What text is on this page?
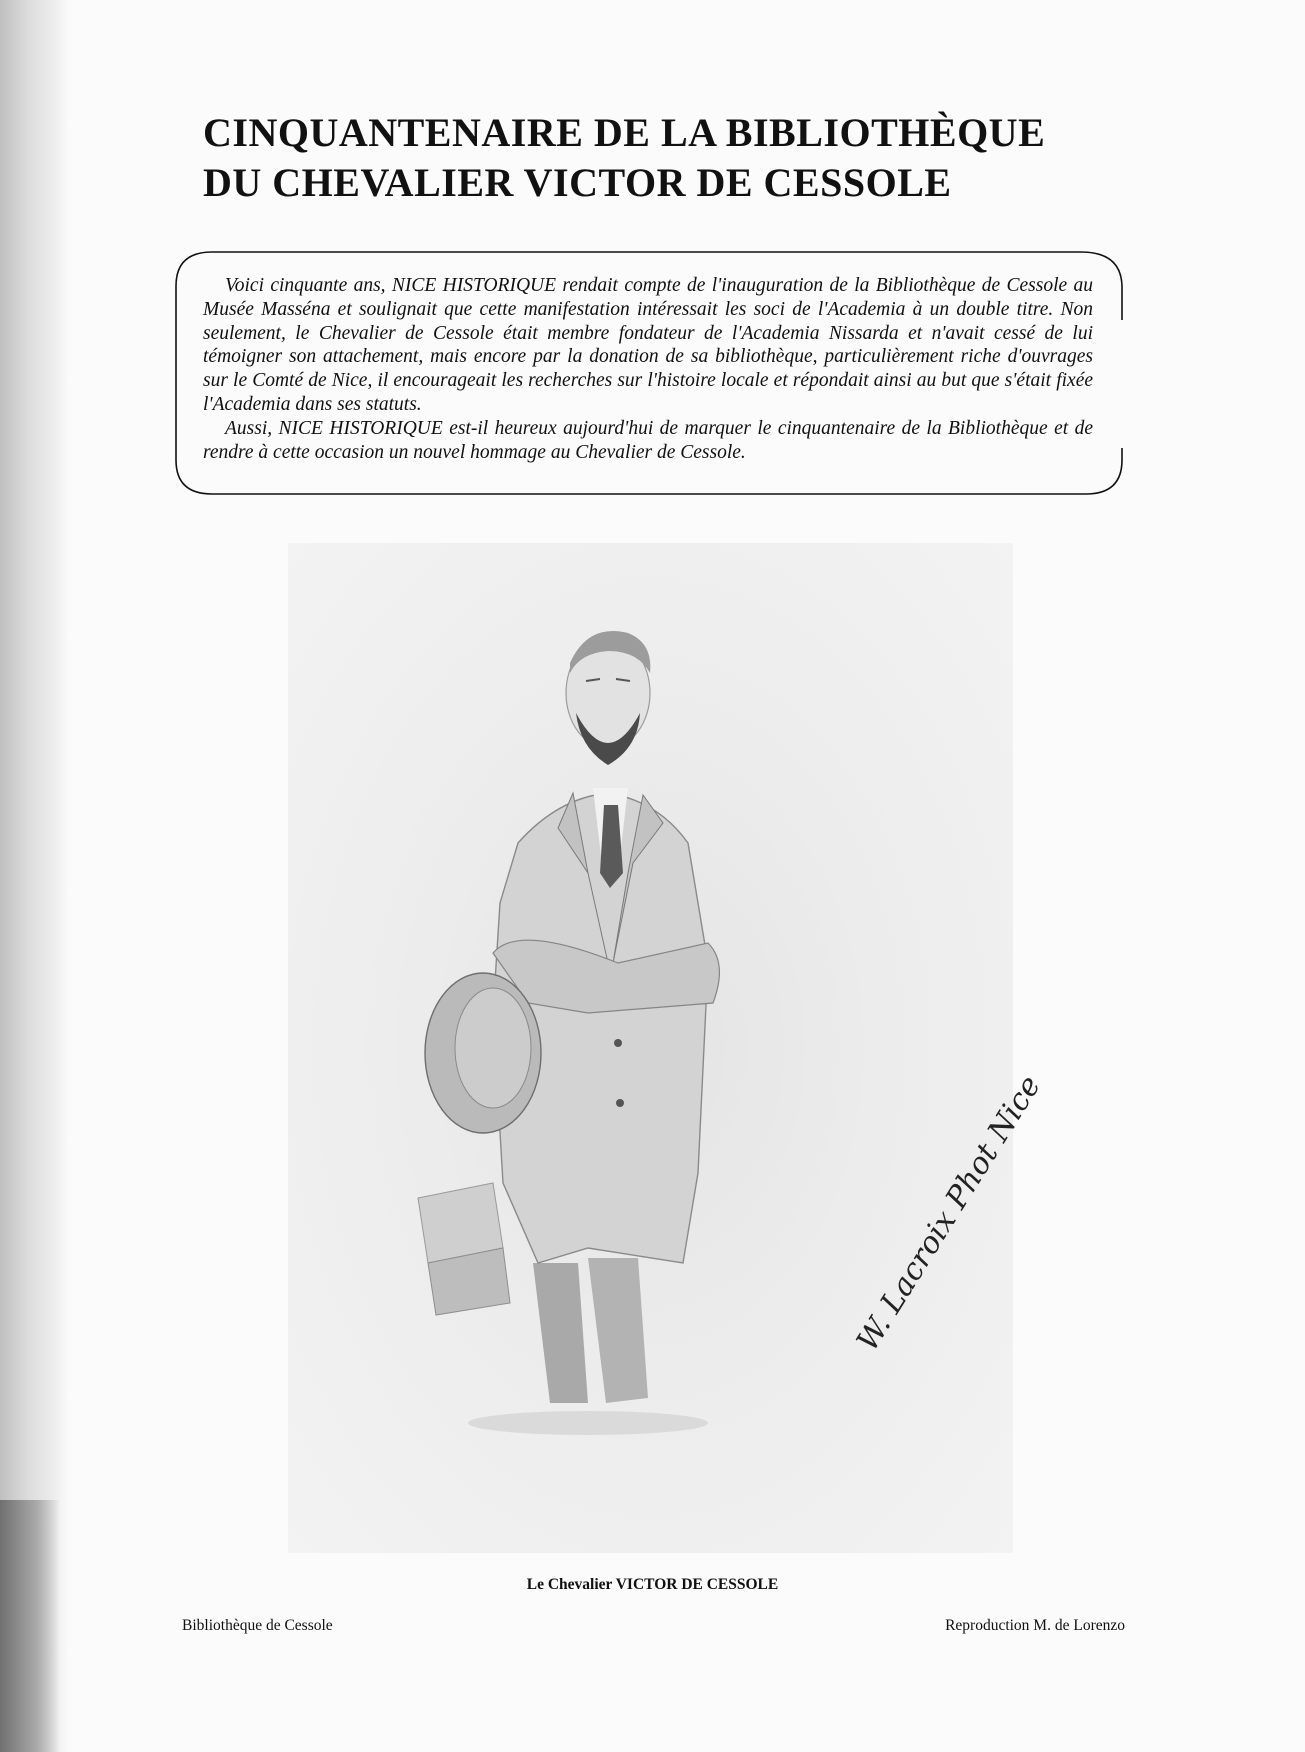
CINQUANTENAIRE DE LA BIBLIOTHÈQUE
DU CHEVALIER VICTOR DE CESSOLE

Voici cinquante ans, NICE HISTORIQUE rendait compte de l'inauguration de la Bibliothèque de Cessole au Musée Masséna et soulignait que cette manifestation intéressait les soci de l'Academia à un double titre. Non seulement, le Chevalier de Cessole était membre fondateur de l'Academia Nissarda et n'avait cessé de lui témoigner son attachement, mais encore par la donation de sa bibliothèque, particulièrement riche d'ouvrages sur le Comté de Nice, il encourageait les recherches sur l'histoire locale et répondait ainsi au but que s'était fixée l'Academia dans ses statuts.

Aussi, NICE HISTORIQUE est-il heureux aujourd'hui de marquer le cinquantenaire de la Bibliothèque et de rendre à cette occasion un nouvel hommage au Chevalier de Cessole.

W. Lacroix Phot Nice
Le Chevalier VICTOR DE CESSOLE
Bibliothèque de Cessole	Reproduction M. de Lorenzo
